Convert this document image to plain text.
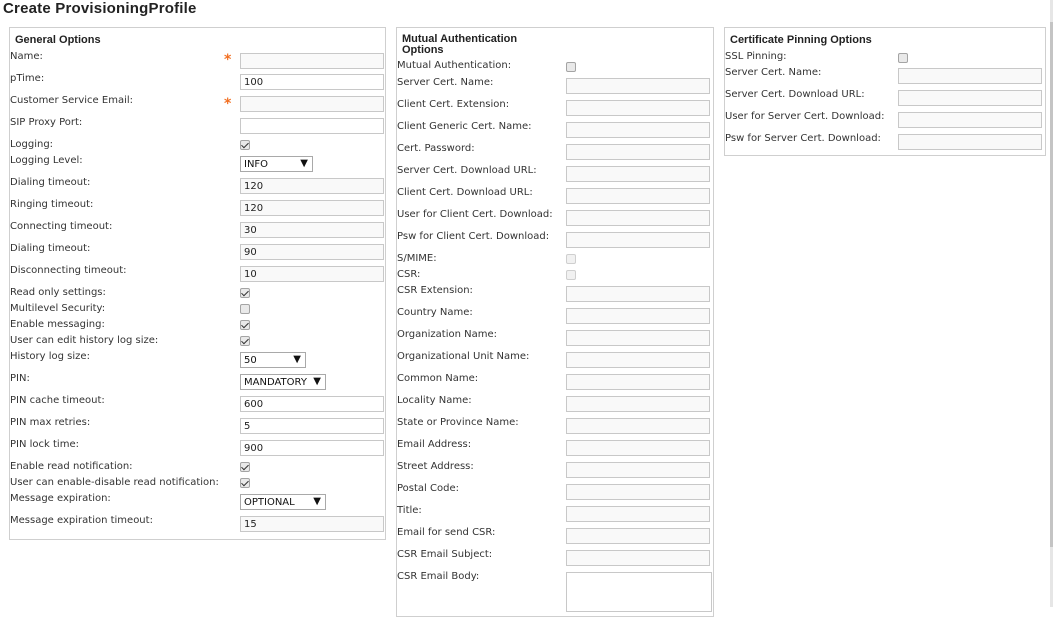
Create ProvisioningProfile
General Options
Name:	*
pTime:	100
Customer Service Email:	*
SIP Proxy Port:
Logging:
Logging Level:	INFO	▼
Dialing timeout:	120
Ringing timeout:	120
Connecting timeout:	30
Dialing timeout:	90
Disconnecting timeout:	10
Read only settings:
Multilevel Security:
Enable messaging:
User can edit history log size:
History log size:	50	▼
PIN:	MANDATORY ▼
PIN cache timeout:	600
PIN max retries:	5
PIN lock time:	900
Enable read notification:
User can enable-disable read notification:
Message expiration:	OPTIONAL ▼
Message expiration timeout:	15
Mutual Authentication
Options
Mutual Authentication:
Server Cert. Name:
Client Cert. Extension:
Client Generic Cert. Name:
Cert. Password:
Server Cert. Download URL:
Client Cert. Download URL:
User for Client Cert. Download:
Psw for Client Cert. Download:
S/MIME:
CSR:
CSR Extension:
Country Name:
Organization Name:
Organizational Unit Name:
Common Name:
Locality Name:
State or Province Name:
Email Address:
Street Address:
Postal Code:
Title:
Email for send CSR:
CSR Email Subject:
CSR Email Body:
Certificate Pinning Options
SSL Pinning:
Server Cert. Name:
Server Cert. Download URL:
User for Server Cert. Download:
Psw for Server Cert. Download:
